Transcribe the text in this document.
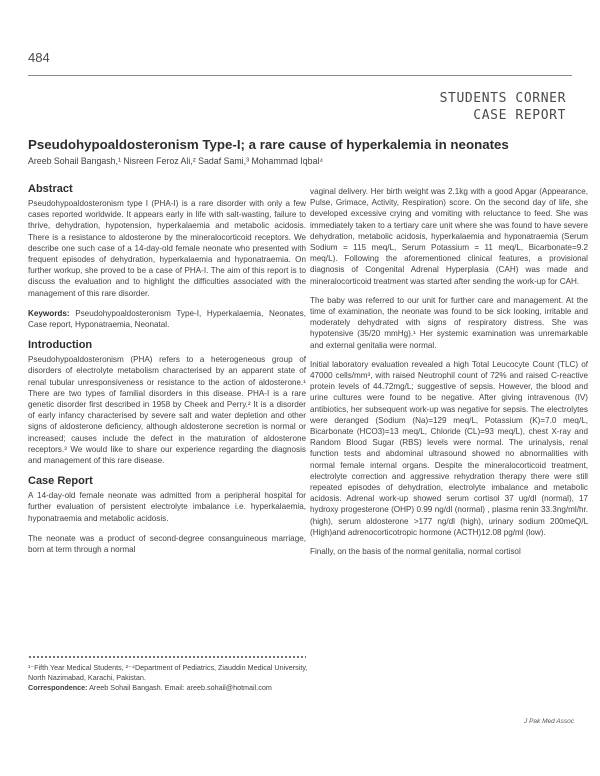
484
STUDENTS CORNER
CASE REPORT
Pseudohypoaldosteronism Type-I; a rare cause of hyperkalemia in neonates
Areeb Sohail Bangash,¹ Nisreen Feroz Ali,² Sadaf Sami,³ Mohammad Iqbal⁴
Abstract

Pseudohypoaldosteronism type I (PHA-I) is a rare disorder with only a few cases reported worldwide. It appears early in life with salt-wasting, failure to thrive, dehydration, hypotension, hyperkalaemia and metabolic acidosis. There is a resistance to aldosterone by the mineralocorticoid receptors. We describe one such case of a 14-day-old female neonate who presented with frequent episodes of dehydration, hyperkalaemia and hyponatraemia. On further workup, she proved to be a case of PHA-I. The aim of this report is to discuss the evaluation and to highlight the difficulties associated with the management of this rare disorder.

Keywords: Pseudohypoaldosteronism Type-I, Hyperkalaemia, Neonates, Case report, Hyponatraemia, Neonatal.

Introduction

Pseudohypoaldosteronism (PHA) refers to a heterogeneous group of disorders of electrolyte metabolism characterised by an apparent state of renal tubular unresponsiveness or resistance to the action of aldosterone.¹ There are two types of familial disorders in this disease. PHA-I is a rare genetic disorder first described in 1958 by Cheek and Perry.² It is a disorder of early infancy characterised by severe salt and water depletion and other signs of aldosterone deficiency, although aldosterone secretion is normal or increased; causes include the defect in the maturation of aldosterone receptors.³ We would like to share our experience regarding the diagnosis and management of this rare disease.

Case Report

A 14-day-old female neonate was admitted from a peripheral hospital for further evaluation of persistent electrolyte imbalance i.e. hyperkalaemia, hyponatraemia and metabolic acidosis.

The neonate was a product of second-degree consanguineous marriage, born at term through a normal

¹⁻Fifth Year Medical Students, ²⁻⁴Department of Pediatrics, Ziauddin Medical University, North Nazimabad, Karachi, Pakistan.
Correspondence: Areeb Sohail Bangash. Email: areeb.sohail@hotmail.com

vaginal delivery. Her birth weight was 2.1kg with a good Apgar (Appearance, Pulse, Grimace, Activity, Respiration) score. On the second day of life, she developed excessive crying and vomiting with reluctance to feed. She was immediately taken to a tertiary care unit where she was found to have severe dehydration, metabolic acidosis, hyperkalaemia and hyponatraemia (Serum Sodium = 115 meq/L, Serum Potassium = 11 meq/L, Bicarbonate=9.2 meq/L). Following the aforementioned clinical features, a provisional diagnosis of Congenital Adrenal Hyperplasia (CAH) was made and mineralocorticoid treatment was started after sending the work-up for CAH.

The baby was referred to our unit for further care and management. At the time of examination, the neonate was found to be sick looking, irritable and moderately dehydrated with signs of respiratory distress. She was hypotensive (35/20 mmHg).¹ Her systemic examination was unremarkable and external genitalia were normal.

Initial laboratory evaluation revealed a high Total Leucocyte Count (TLC) of 47000 cells/mm³, with raised Neutrophil count of 72% and raised C-reactive protein levels of 44.72mg/L; suggestive of sepsis. However, the blood and urine cultures were found to be negative. After giving intravenous (IV) antibiotics, her subsequent work-up was negative for sepsis. The electrolytes were deranged (Sodium (Na)=129 meq/L, Potassium (K)=7.0 meq/L, Bicarbonate (HCO3)=13 meq/L, Chloride (CL)=93 meq/L), chest X-ray and Random Blood Sugar (RBS) levels were normal. The urinalysis, renal function tests and abdominal ultrasound showed no abnormalities with normal female internal organs. Despite the mineralocorticoid treatment, electrolyte correction and aggressive rehydration therapy there were still repeated episodes of dehydration, electrolyte imbalance and metabolic acidosis. Adrenal work-up showed serum cortisol 37 ug/dl (normal), 17 hydroxy progesterone (OHP) 0.99 ng/dl (normal) , plasma renin 33.3ng/ml/hr. (high), serum aldosterone >177 ng/dl (high), urinary sodium 200meQ/L (High)and adrenocorticotropic hormone (ACTH)12.08 pg/ml (low).

Finally, on the basis of the normal genitalia, normal cortisol

J Pak Med Assoc
